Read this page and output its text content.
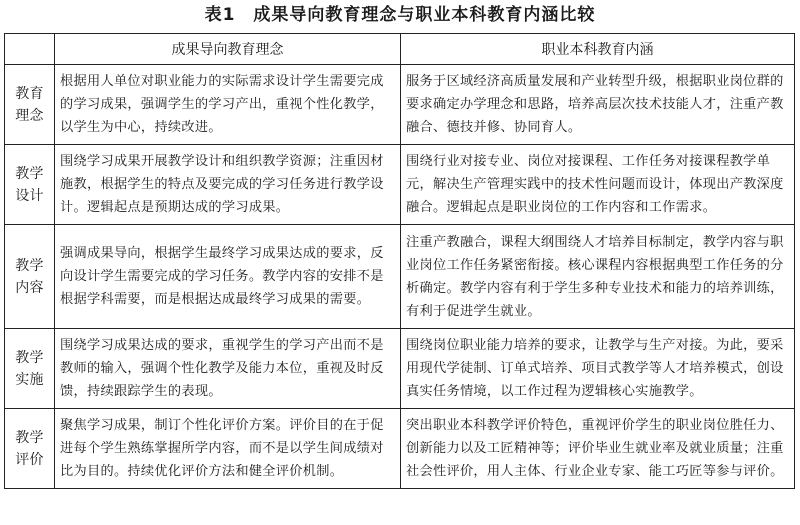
表1 成果导向教育理念与职业本科教育内涵比较
	成果导向教育理念	职业本科教育内涵
教育理念	根据用人单位对职业能力的实际需求设计学生需要完成的学习成果，强调学生的学习产出，重视个性化教学，以学生为中心，持续改进。	服务于区域经济高质量发展和产业转型升级，根据职业岗位群的要求确定办学理念和思路，培养高层次技术技能人才，注重产教融合、德技并修、协同育人。
教学设计	围绕学习成果开展教学设计和组织教学资源；注重因材施教，根据学生的特点及要完成的学习任务进行教学设计。逻辑起点是预期达成的学习成果。	围绕行业对接专业、岗位对接课程、工作任务对接课程教学单元，解决生产管理实践中的技术性问题而设计，体现出产教深度融合。逻辑起点是职业岗位的工作内容和工作需求。
教学内容	强调成果导向，根据学生最终学习成果达成的要求，反向设计学生需要完成的学习任务。教学内容的安排不是根据学科需要，而是根据达成最终学习成果的需要。	注重产教融合，课程大纲围绕人才培养目标制定，教学内容与职业岗位工作任务紧密衔接。核心课程内容根据典型工作任务的分析确定。教学内容有利于学生多种专业技术和能力的培养训练，有利于促进学生就业。
教学实施	围绕学习成果达成的要求，重视学生的学习产出而不是教师的输入，强调个性化教学及能力本位，重视及时反馈，持续跟踪学生的表现。	围绕岗位职业能力培养的要求，让教学与生产对接。为此，要采用现代学徒制、订单式培养、项目式教学等人才培养模式，创设真实任务情境，以工作过程为逻辑核心实施教学。
教学评价	聚焦学习成果，制订个性化评价方案。评价目的在于促进每个学生熟练掌握所学内容，而不是以学生间成绩对比为目的。持续优化评价方法和健全评价机制。	突出职业本科教学评价特色，重视评价学生的职业岗位胜任力、创新能力以及工匠精神等；评价毕业生就业率及就业质量；注重社会性评价，用人主体、行业企业专家、能工巧匠等参与评价。
